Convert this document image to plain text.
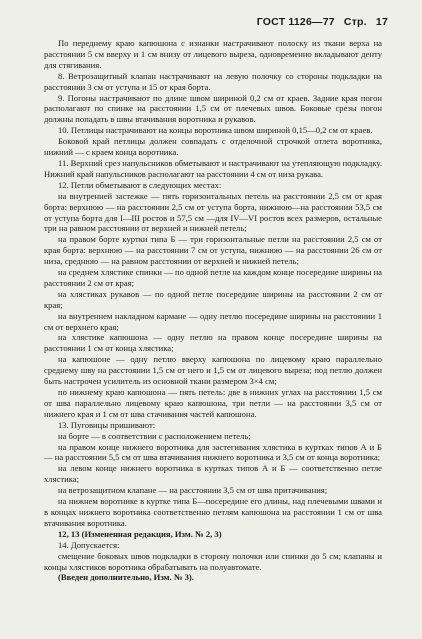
ГОСТ 1126—77 Стр. 17

По переднему краю капюшона с изнанки настрачивают полоску из ткани верха на расстоянии 5 см вверху и 1 см внизу от лицевого выреза, одновременно вкладывают денту для стягивания.

8. Ветрозащитный клапан настрачивают на левую полочку со стороны подкладки на расстоянии 3 см от уступа и 15 от края борта.

9. Погоны настрачивают по длине швом шириной 0,2 см от краев. Задние края погон располагают по спинке на расстоянии 1,5 см от плечевых швов. Боковые срезы погон должны попадать в швы втачивания воротника и рукавов.

10. Петлицы настрачивают на концы воротника швом шириной 0,15—0,2 см от краев.

Боковой край петлицы должен совпадать с отделочной строчкой отлета воротника, нижний — с краем конца воротника.

11. Верхний срез напульсников обметывают и настрачивают на утепляющую подкладку. Нижний край напульсников располагают на расстоянии 4 см от низа рукава.

12. Петли обметывают в следующих местах:

на внутренней застежке — пять горизонтальных петель на расстоянии 2,5 см от края борта: верхнюю — на расстоянии 2,5 см от уступа борта, нижнюю—на расстоянии 53,5 см от уступа борта для I—III ростов и 57,5 см —для IV—VI ростов всех размеров, остальные три на равном расстоянии от верхней и нижней петель;

на правом борте куртки типа Б — три горизонтальные петли на расстоянии 2,5 см от края борта: верхнюю — на расстоянии 7 см от уступа, нижнюю — на расстоянии 26 см от низа, среднюю — на равном расстоянии от верхней и нижней петель;

на среднем хлястике спинки — по одной петле на каждом конце посередине ширины на расстоянии 2 см от края;

на хлястиках рукавов — по одной петле посередине ширины на расстоянии 2 см от края;

на внутреннем накладном кармане — одну петлю посередине ширины на расстоянии 1 см от верхнего края;

на хлястике капюшона — одну петлю на правом конце посередине ширины на расстоянии 1 см от конца хлястика;

на капюшоне — одну петлю вверху капюшона по лицевому краю параллельно среднему шву на расстоянии 1,5 см от него и 1,5 см от лицевого выреза; под петлю должен быть настрочен усилитель из основной ткани размером 3×4 см;

по нижнему краю капюшона — пять петель: две в нижних углах на расстоянии 1,5 см от шва параллельно лицевому краю капюшона, три петли — на расстоянии 3,5 см от нижнего края и 1 см от шва стачивания частей капюшона.

13. Пуговицы пришивают:

на борте — в соответствии с расположением петель;

на правом конце нижнего воротника для застегивания хлястика в куртках типов А и Б — на расстоянии 5,5 см от шва втачивания нижнего воротника и 3,5 см от конца воротника;

на левом конце нижнего воротника в куртках типов А и Б — соответственно петле хлястика;

на ветрозащитном клапане — на расстоянии 3,5 см от шва притачивания;

на нижнем воротнике в куртке типа Б—посередине его длины, над плечевыми швами и в концах нижнего воротника соответственно петлям капюшона на расстоянии 1 см от шва втачивания воротника.

12, 13 (Измененная редакция, Изм. № 2, 3)

14. Допускается:

смещение боковых швов подкладки в сторону полочки или спинки до 5 см; клапаны и концы хлястиков воротника обрабатывать на полуавтомате.

(Введен дополнительно, Изм. № 3).
